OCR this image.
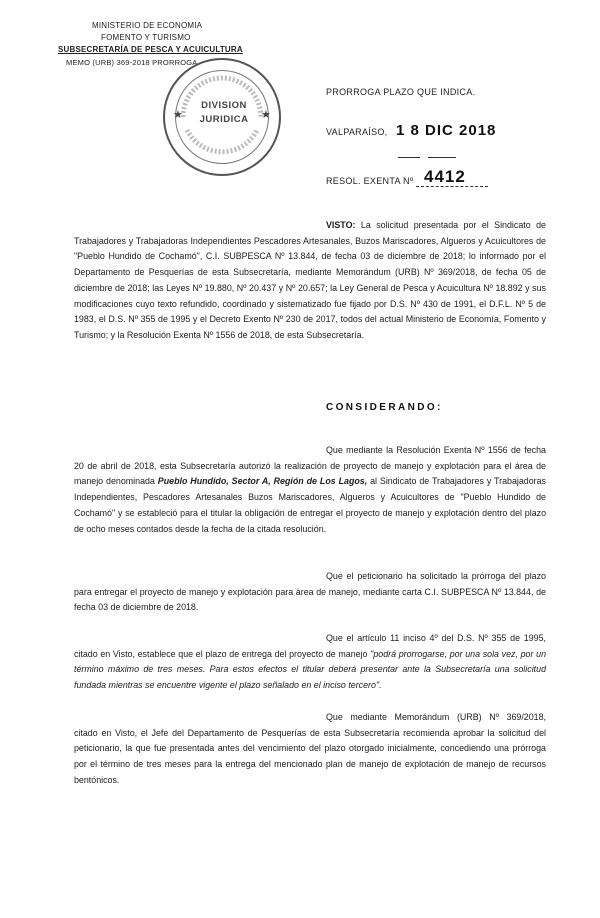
MINISTERIO DE ECONOMIA
FOMENTO Y TURISMO
SUBSECRETARÍA DE PESCA Y ACUICULTURA
MEMO (URB) 369-2018 PRORROGA
★	★
DIVISION
JURIDICA
PRORROGA PLAZO QUE INDICA.
VALPARAÍSO, 1 8 DIC 2018
RESOL. EXENTA Nº 4412
VISTO: La solicitud presentada por el Sindicato de Trabajadores y Trabajadoras Independientes Pescadores Artesanales, Buzos Mariscadores, Algueros y Acuicultores de "Pueblo Hundido de Cochamó", C.I. SUBPESCA Nº 13.844, de fecha 03 de diciembre de 2018; lo informado por el Departamento de Pesquerías de esta Subsecretaría, mediante Memorándum (URB) Nº 369/2018, de fecha 05 de diciembre de 2018; las Leyes Nº 19.880, Nº 20.437 y Nº 20.657; la Ley General de Pesca y Acuicultura Nº 18.892 y sus modificaciones cuyo texto refundido, coordinado y sistematizado fue fijado por D.S. Nº 430 de 1991, el D.F.L. Nº 5 de 1983, el D.S. Nº 355 de 1995 y el Decreto Exento Nº 230 de 2017, todos del actual Ministerio de Economía, Fomento y Turismo; y la Resolución Exenta Nº 1556 de 2018, de esta Subsecretaría.
CONSIDERANDO:
Que mediante la Resolución Exenta Nº 1556 de fecha 20 de abril de 2018, esta Subsecretaría autorizó la realización de proyecto de manejo y explotación para el área de manejo denominada Pueblo Hundido, Sector A, Región de Los Lagos, al Sindicato de Trabajadores y Trabajadoras Independientes, Pescadores Artesanales Buzos Mariscadores, Algueros y Acuicultores de "Pueblo Hundido de Cochamó" y se estableció para el titular la obligación de entregar el proyecto de manejo y explotación dentro del plazo de ocho meses contados desde la fecha de la citada resolución.
Que el peticionario ha solicitado la prórroga del plazo para entregar el proyecto de manejo y explotación para área de manejo, mediante carta C.I. SUBPESCA Nº 13.844, de fecha 03 de diciembre de 2018.
Que el artículo 11 inciso 4º del D.S. Nº 355 de 1995, citado en Visto, establece que el plazo de entrega del proyecto de manejo "podrá prorrogarse, por una sola vez, por un término máximo de tres meses. Para estos efectos el titular deberá presentar ante la Subsecretaría una solicitud fundada mientras se encuentre vigente el plazo señalado en el inciso tercero".
Que mediante Memorándum (URB) Nº 369/2018, citado en Visto, el Jefe del Departamento de Pesquerías de esta Subsecretaría recomienda aprobar la solicitud del peticionario, la que fue presentada antes del vencimiento del plazo otorgado inicialmente, concediendo una prórroga por el término de tres meses para la entrega del mencionado plan de manejo de explotación de manejo de recursos bentónicos.
